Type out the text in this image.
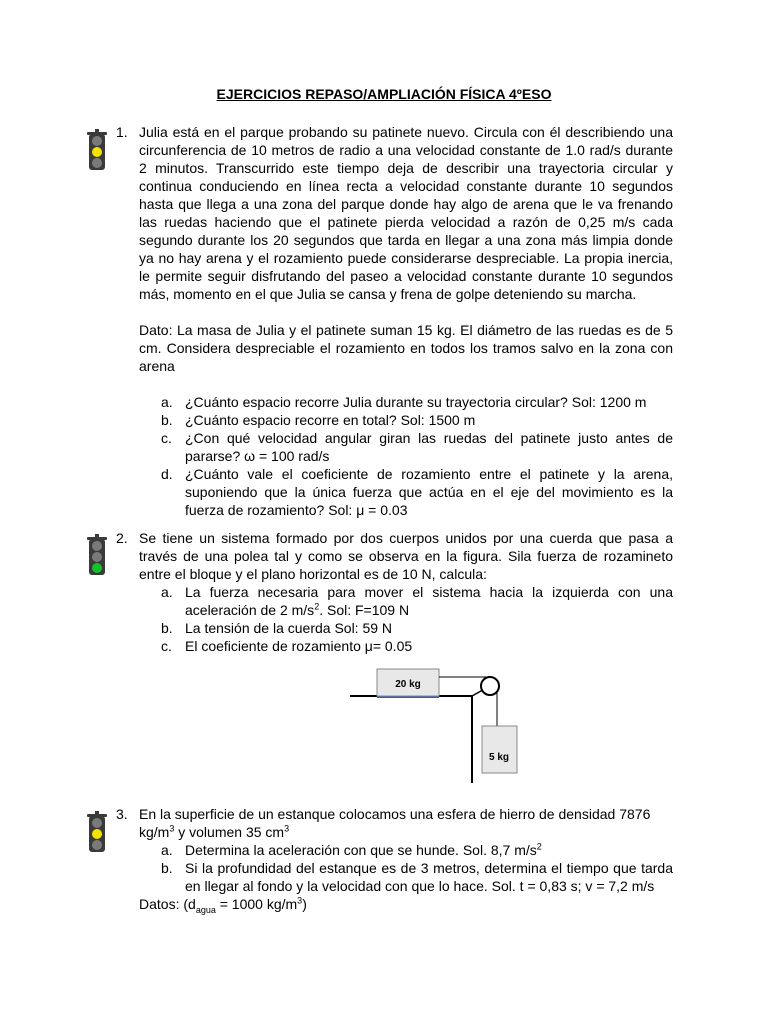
EJERCICIOS REPASO/AMPLIACIÓN FÍSICA 4ºESO
1. Julia está en el parque probando su patinete nuevo. Circula con él describiendo una circunferencia de 10 metros de radio a una velocidad constante de 1.0 rad/s durante 2 minutos. Transcurrido este tiempo deja de describir una trayectoria circular y continua conduciendo en línea recta a velocidad constante durante 10 segundos hasta que llega a una zona del parque donde hay algo de arena que le va frenando las ruedas haciendo que el patinete pierda velocidad a razón de 0,25 m/s cada segundo durante los 20 segundos que tarda en llegar a una zona más limpia donde ya no hay arena y el rozamiento puede considerarse despreciable. La propia inercia, le permite seguir disfrutando del paseo a velocidad constante durante 10 segundos más, momento en el que Julia se cansa y frena de golpe deteniendo su marcha.

Dato: La masa de Julia y el patinete suman 15 kg. El diámetro de las ruedas es de 5 cm. Considera despreciable el rozamiento en todos los tramos salvo en la zona con arena

a. ¿Cuánto espacio recorre Julia durante su trayectoria circular? Sol: 1200 m
b. ¿Cuánto espacio recorre en total? Sol: 1500 m
c. ¿Con qué velocidad angular giran las ruedas del patinete justo antes de pararse? ω = 100 rad/s
d. ¿Cuánto vale el coeficiente de rozamiento entre el patinete y la arena, suponiendo que la única fuerza que actúa en el eje del movimiento es la fuerza de rozamiento? Sol: μ = 0.03
2. Se tiene un sistema formado por dos cuerpos unidos por una cuerda que pasa a través de una polea tal y como se observa en la figura. Sila fuerza de rozamineto entre el bloque y el plano horizontal es de 10 N, calcula:

a. La fuerza necesaria para mover el sistema hacia la izquierda con una aceleración de 2 $m/s^2$. Sol: F=109 N
b. La tensión de la cuerda Sol: 59 N
c. El coeficiente de rozamiento μ= 0.05
20 kg
5 kg
3. En la superficie de un estanque colocamos una esfera de hierro de densidad 7876

$kg/m^3$ y volumen 35 $cm^3$

a. Determina la aceleración con que se hunde. Sol. 8,7 $m/s^2$
b. Si la profundidad del estanque es de 3 metros, determina el tiempo que tarda en llegar al fondo y la velocidad con que lo hace. Sol. t = 0,83 s; v = 7,2 m/s

Datos: ($d_{agua} = 1000$ $kg/m^3$)
